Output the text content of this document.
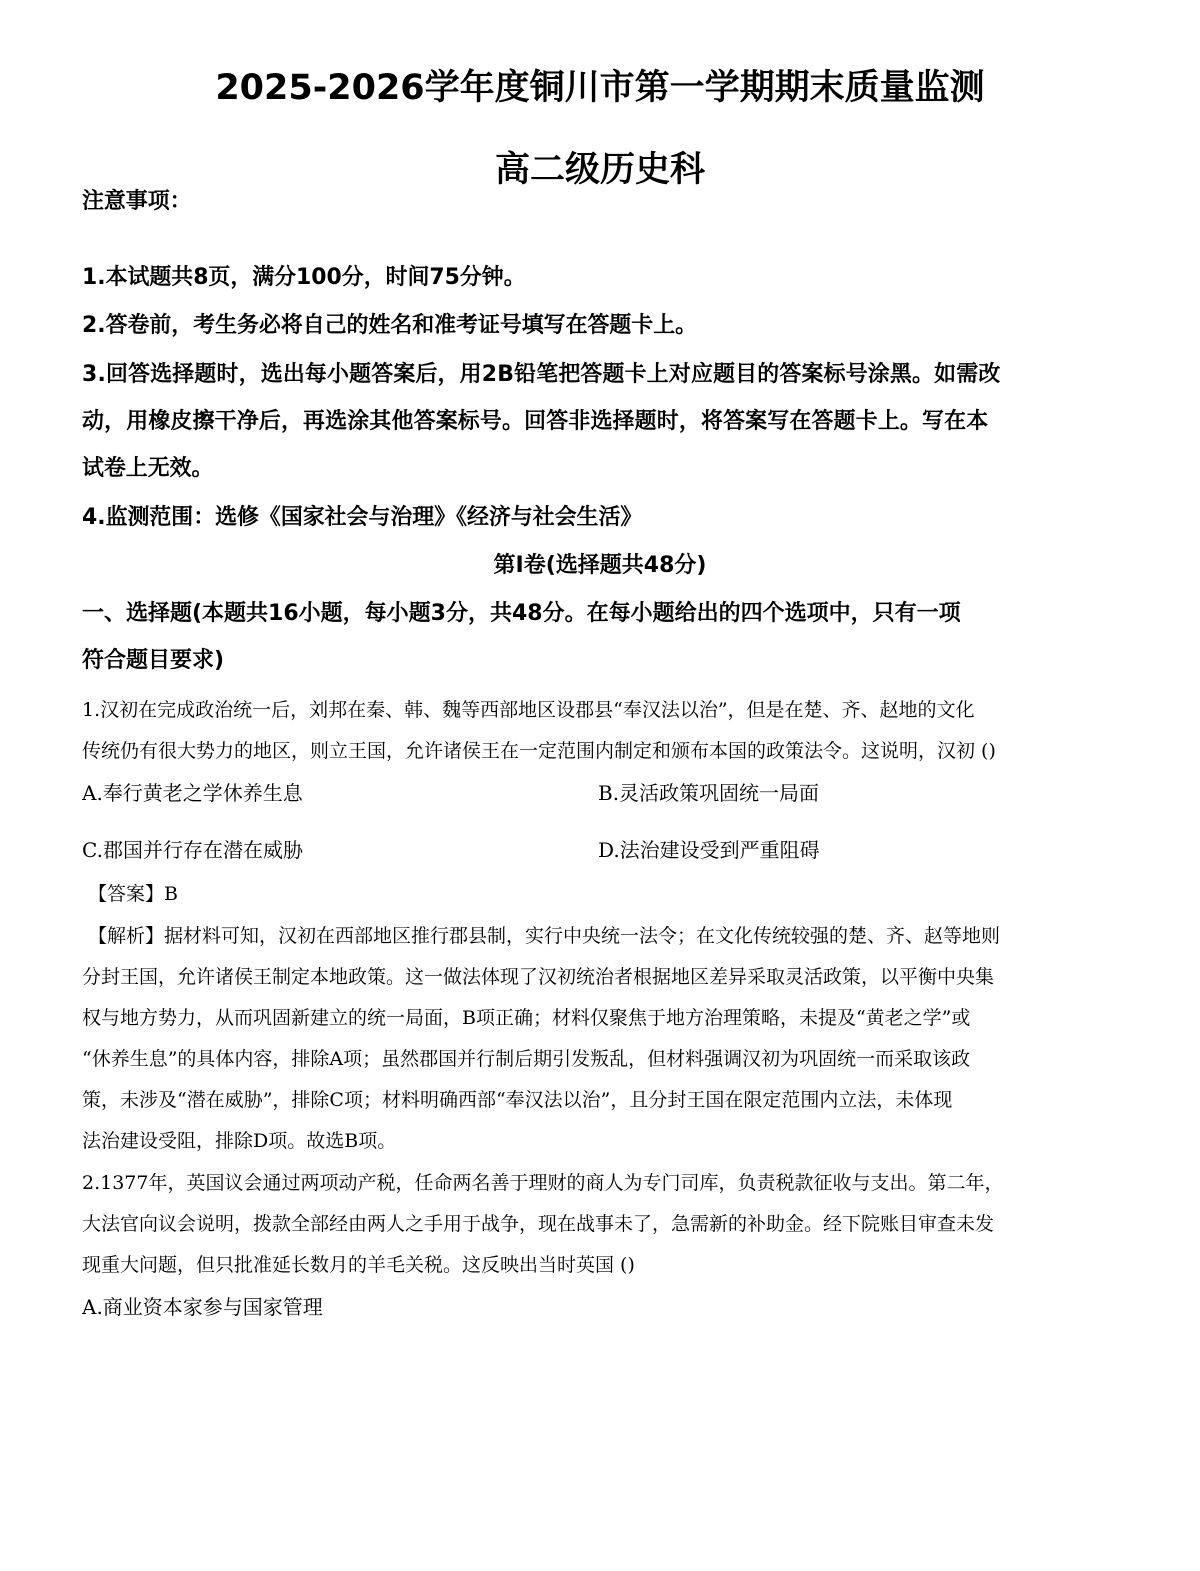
2025-2026学年度铜川市第一学期期末质量监测
高二级历史科
注意事项：
1.本试题共8页，满分100分，时间75分钟。
2.答卷前，考生务必将自己的姓名和准考证号填写在答题卡上。
3.回答选择题时，选出每小题答案后，用2B铅笔把答题卡上对应题目的答案标号涂黑。如需改
动，用橡皮擦干净后，再选涂其他答案标号。回答非选择题时，将答案写在答题卡上。写在本
试卷上无效。
4.监测范围：选修《国家社会与治理》《经济与社会生活》
第Ⅰ卷(选择题共48分)
一、选择题(本题共16小题，每小题3分，共48分。在每小题给出的四个选项中，只有一项
符合题目要求)
1.汉初在完成政治统一后，刘邦在秦、韩、魏等西部地区设郡县“奉汉法以治”，但是在楚、齐、赵地的文化
传统仍有很大势力的地区，则立王国，允许诸侯王在一定范围内制定和颁布本国的政策法令。这说明，汉初 ()
A.奉行黄老之学休养生息	B.灵活政策巩固统一局面
C.郡国并行存在潜在威胁	D.法治建设受到严重阻碍
【答案】B
【解析】据材料可知，汉初在西部地区推行郡县制，实行中央统一法令；在文化传统较强的楚、齐、赵等地则
分封王国，允许诸侯王制定本地政策。这一做法体现了汉初统治者根据地区差异采取灵活政策，以平衡中央集
权与地方势力，从而巩固新建立的统一局面，B项正确；材料仅聚焦于地方治理策略，未提及“黄老之学”或
“休养生息”的具体内容，排除A项；虽然郡国并行制后期引发叛乱，但材料强调汉初为巩固统一而采取该政
策，未涉及“潜在威胁”，排除C项；材料明确西部“奉汉法以治”，且分封王国在限定范围内立法，未体现
法治建设受阻，排除D项。故选B项。
2.1377年，英国议会通过两项动产税，任命两名善于理财的商人为专门司库，负责税款征收与支出。第二年，
大法官向议会说明，拨款全部经由两人之手用于战争，现在战事未了，急需新的补助金。经下院账目审查未发
现重大问题，但只批准延长数月的羊毛关税。这反映出当时英国 ()
A.商业资本家参与国家管理
